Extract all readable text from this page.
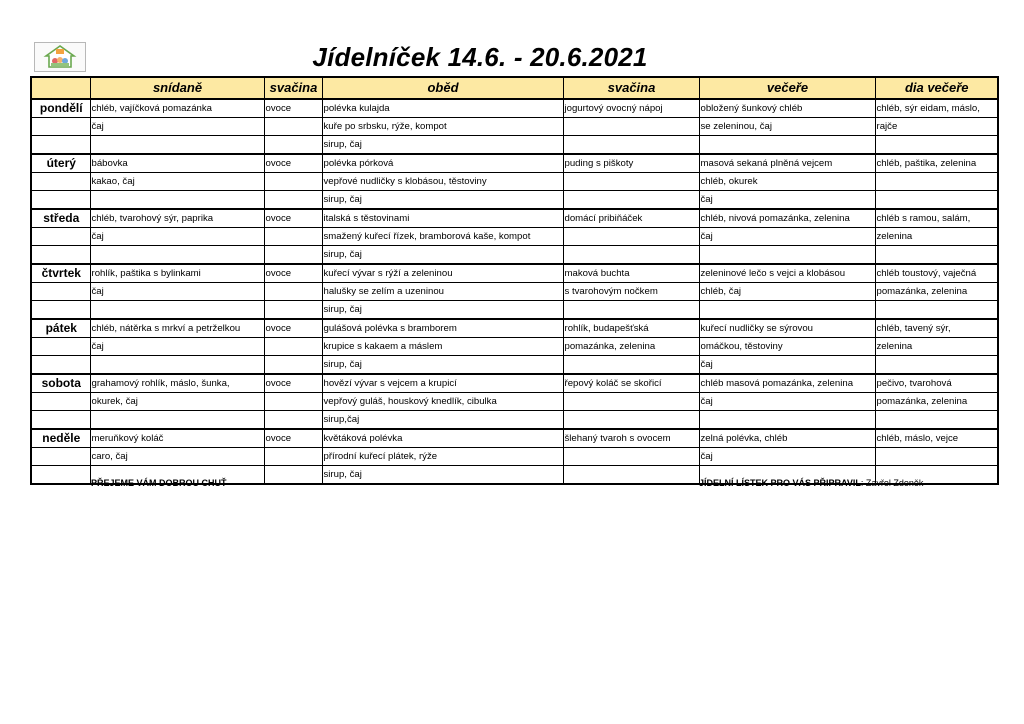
Jídelníček 14.6. - 20.6.2021
	snídaně	svačina	oběd	svačina	večeře	dia večeře
pondělí	chléb, vajíčková pomazánka	ovoce	polévka kulajda	jogurtový ovocný nápoj	obložený šunkový chléb	chléb, sýr eidam, máslo,
	čaj		kuře po srbsku, rýže, kompot		se zeleninou, čaj	rajče
			sirup, čaj			
úterý	bábovka	ovoce	polévka pórková	puding s piškoty	masová sekaná plněná vejcem	chléb, paštika, zelenina
	kakao, čaj		vepřové nudličky s klobásou, těstoviny		chléb, okurek	
			sirup, čaj		čaj	
středa	chléb, tvarohový sýr, paprika	ovoce	italská s těstovinami	domácí pribiňáček	chléb, nivová pomazánka, zelenina	chléb s ramou, salám,
	čaj		smažený kuřecí řízek, bramborová kaše, kompot		čaj	zelenina
			sirup, čaj			
čtvrtek	rohlík, paštika s bylinkami	ovoce	kuřecí vývar s rýží a zeleninou	maková buchta	zeleninové lečo s vejci a klobásou	chléb toustový, vaječná
	čaj		halušky se zelím a uzeninou	s tvarohovým nočkem	chléb, čaj	pomazánka, zelenina
			sirup, čaj			
pátek	chléb, nátěrka s mrkví a petrželkou	ovoce	gulášová polévka s bramborem	rohlík, budapešťská	kuřecí nudličky se sýrovou	chléb, tavený sýr,
	čaj		krupice s kakaem a máslem	pomazánka, zelenina	omáčkou, těstoviny	zelenina
			sirup, čaj		čaj	
sobota	grahamový rohlík, máslo, šunka,	ovoce	hovězí vývar s vejcem a krupicí	řepový koláč se skořicí	chléb masová pomazánka, zelenina	pečivo, tvarohová
	okurek, čaj		vepřový guláš, houskový knedlík, cibulka		čaj	pomazánka, zelenina
			sirup,čaj			
neděle	meruňkový koláč	ovoce	květáková polévka	šlehaný tvaroh s ovocem	zelná polévka, chléb	chléb, máslo, vejce
	caro, čaj		přírodní kuřecí plátek, rýže		čaj	
			sirup, čaj			
PŘEJEME VÁM DOBROU CHUŤ	JÍDELNÍ LÍSTEK PRO VÁS PŘIPRAVIL: Zavřel Zdeněk
